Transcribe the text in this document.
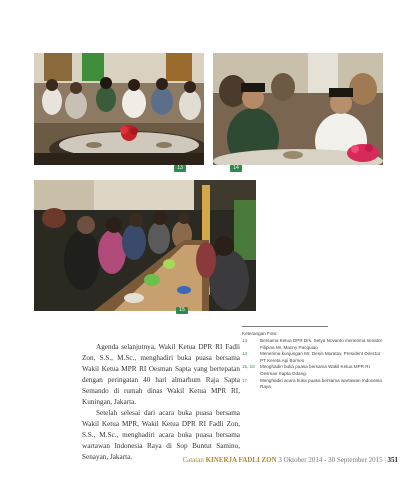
13	14
15

Agenda selanjutnya, Wakil Ketua DPR RI Fadli Zon, S.S., M.Sc., menghadiri buka puasa bersama Wakil Ketua MPR RI Oesman Sapta yang bertepatan dengan peringatan 40 hari almarhum Raja Sapta Semando di rumah dinas Wakil Ketua MPR RI, Kuningan, Jakarta.

Setelah selesai dari acara buka puasa bersama Wakil Ketua MPR, Wakil Ketua DPR RI Fadli Zon, S.S., M.Sc., menghadiri acara buka puasa bersama wartawan Indonesia Raya di Sop Buntut Samino, Senayan, Jakarta.

Keterangan Foto:
13	Bersama Ketua DPR Drs. Setya Novanto menerima senator Filipina Mr. Manny Pacquiao
14	Menerima kunjungan Mr. Denis Muratov, President Director PT Kereta Api Borneo
15, 16	Menghadiri buka puasa bersama Wakil Ketua MPR RI Oesman Sapta Odang.
17	Menghadiri acara buka puasa bersama wartawan Indonesia Raya.
Catatan KINERJA FADLI ZON 3 Oktober 2014 - 30 September 2015 | 351
